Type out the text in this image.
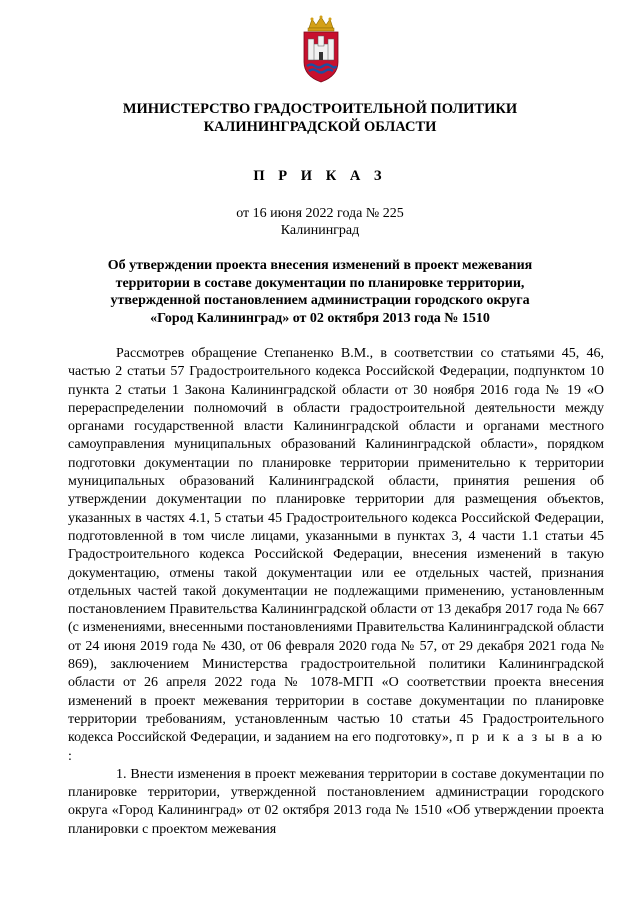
МИНИСТЕРСТВО ГРАДОСТРОИТЕЛЬНОЙ ПОЛИТИКИ
КАЛИНИНГРАДСКОЙ ОБЛАСТИ
П Р И К А З
от 16 июня 2022 года № 225
Калининград
Об утверждении проекта внесения изменений в проект межевания
территории в составе документации по планировке территории,
утвержденной постановлением администрации городского округа
«Город Калининград» от 02 октября 2013 года № 1510

Рассмотрев обращение Степаненко В.М., в соответствии со статьями 45, 46, частью 2 статьи 57 Градостроительного кодекса Российской Федерации, подпунктом 10 пункта 2 статьи 1 Закона Калининградской области от 30 ноября 2016 года № 19 «О перераспределении полномочий в области градостроительной деятельности между органами государственной власти Калининградской области и органами местного самоуправления муниципальных образований Калининградской области», порядком подготовки документации по планировке территории применительно к территории муниципальных образований Калининградской области, принятия решения об утверждении документации по планировке территории для размещения объектов, указанных в частях 4.1, 5 статьи 45 Градостроительного кодекса Российской Федерации, подготовленной в том числе лицами, указанными в пунктах 3, 4 части 1.1 статьи 45 Градостроительного кодекса Российской Федерации, внесения изменений в такую документацию, отмены такой документации или ее отдельных частей, признания отдельных частей такой документации не подлежащими применению, установленным постановлением Правительства Калининградской области от 13 декабря 2017 года № 667 (с изменениями, внесенными постановлениями Правительства Калининградской области от 24 июня 2019 года № 430, от 06 февраля 2020 года № 57, от 29 декабря 2021 года № 869), заключением Министерства градостроительной политики Калининградской области от 26 апреля 2022 года № 1078-МГП «О соответствии проекта внесения изменений в проект межевания территории в составе документации по планировке территории требованиям, установленным частью 10 статьи 45 Градостроительного кодекса Российской Федерации, и заданием на его подготовку», п р и к а з ы в а ю :

1. Внести изменения в проект межевания территории в составе документации по планировке территории, утвержденной постановлением администрации городского округа «Город Калининград» от 02 октября 2013 года № 1510 «Об утверждении проекта планировки с проектом межевания
